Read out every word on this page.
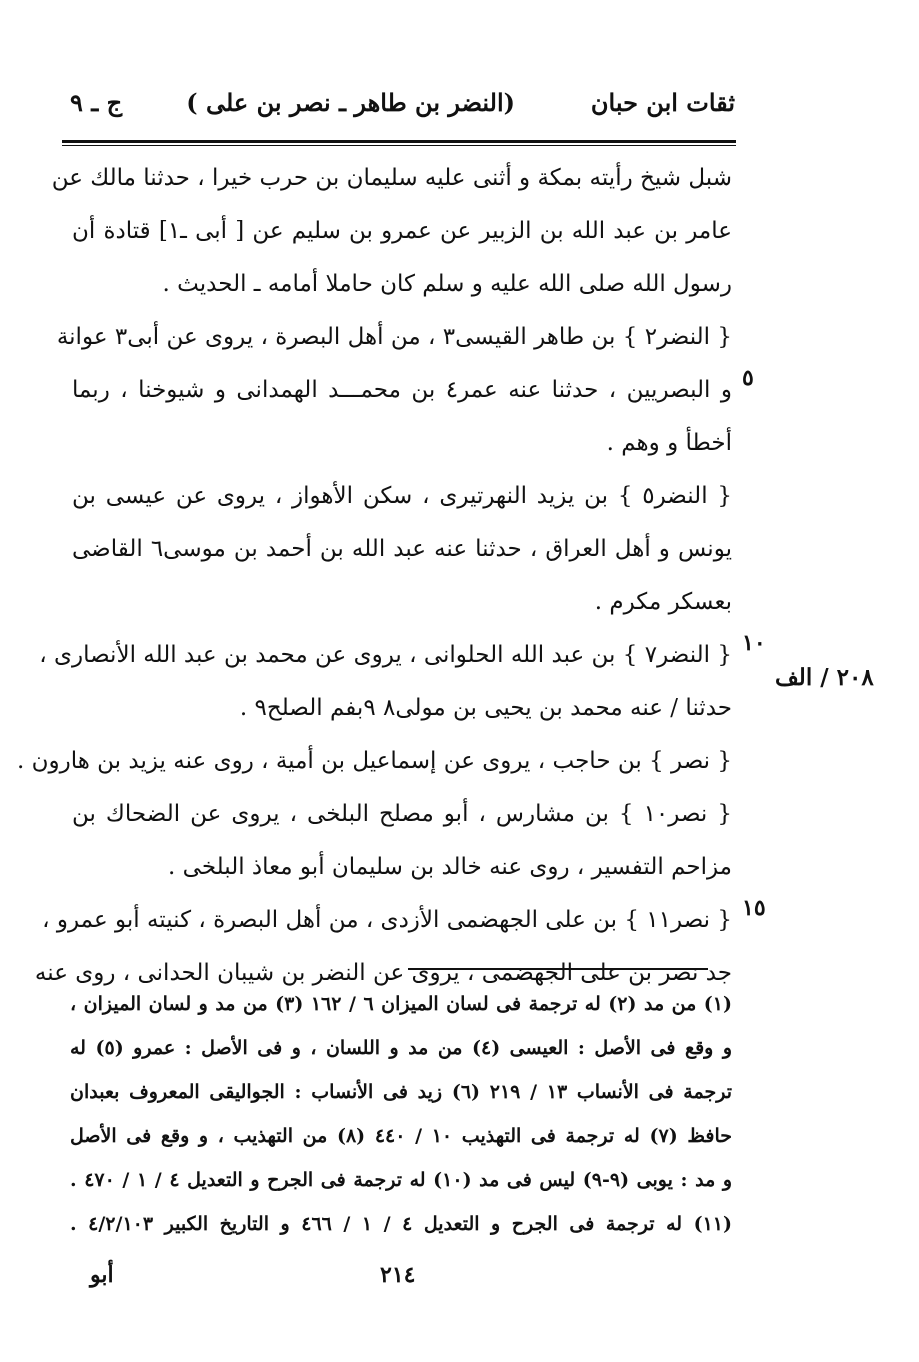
ثقات ابن حبان
(النضر بن طاهر ـ نصر بن على )
ج ـ ٩
شبل شيخ رأيته بمكة و أثنى عليه سليمان بن حرب خيرا ، حدثنا مالك عن
عامر بن عبد الله بن الزبير عن عمرو بن سليم عن [ أبى ـ١] قتادة أن
رسول الله صلى الله عليه و سلم كان حاملا أمامه ـ الحديث .
{ النضر٢ } بن طاهر القيسى٣ ، من أهل البصرة ، يروى عن أبى٣ عوانة
و البصريين ، حدثنا عنه عمر٤ بن محمـــد الهمدانى و شيوخنا ، ربما
أخطأ و وهم .
{ النضر٥ } بن يزيد النهرتيرى ، سكن الأهواز ، يروى عن عيسى بن
يونس و أهل العراق ، حدثنا عنه عبد الله بن أحمد بن موسى٦ القاضى
بعسكر مكرم .
{ النضر٧ } بن عبد الله الحلوانى ، يروى عن محمد بن عبد الله الأنصارى ،
حدثنا / عنه محمد بن يحيى بن مولى٨ ٩بفم الصلح٩ .
{ نصر } بن حاجب ، يروى عن إسماعيل بن أمية ، روى عنه يزيد بن هارون .
{ نصر١٠ } بن مشارس ، أبو مصلح البلخى ، يروى عن الضحاك بن
مزاحم التفسير ، روى عنه خالد بن سليمان أبو معاذ البلخى .
{ نصر١١ } بن على الجهضمى الأزدى ، من أهل البصرة ، كنيته أبو عمرو ،
جد نصر بن على الجهضمى ، يروى عن النضر بن شيبان الحدانى ، روى عنه
٥
١٠
١٥
٢٠٨ / الف
(١) من مد (٢) له ترجمة فى لسان الميزان ٦ / ١٦٢ (٣) من مد و لسان الميزان ،
و وقع فى الأصل : العيسى (٤) من مد و اللسان ، و فى الأصل : عمرو (٥) له
ترجمة فى الأنساب ١٣ / ٢١٩ (٦) زيد فى الأنساب : الجواليقى المعروف بعبدان
حافظ (٧) له ترجمة فى التهذيب ١٠ / ٤٤٠ (٨) من التهذيب ، و وقع فى الأصل
و مد : يوبى (٩-٩) ليس فى مد (١٠) له ترجمة فى الجرح و التعديل ٤ / ١ / ٤٧٠ .
(١١) له ترجمة فى الجرح و التعديل ٤ / ١ / ٤٦٦ و التاريخ الكبير ٤/٢/١٠٣ .
٢١٤
أبو
